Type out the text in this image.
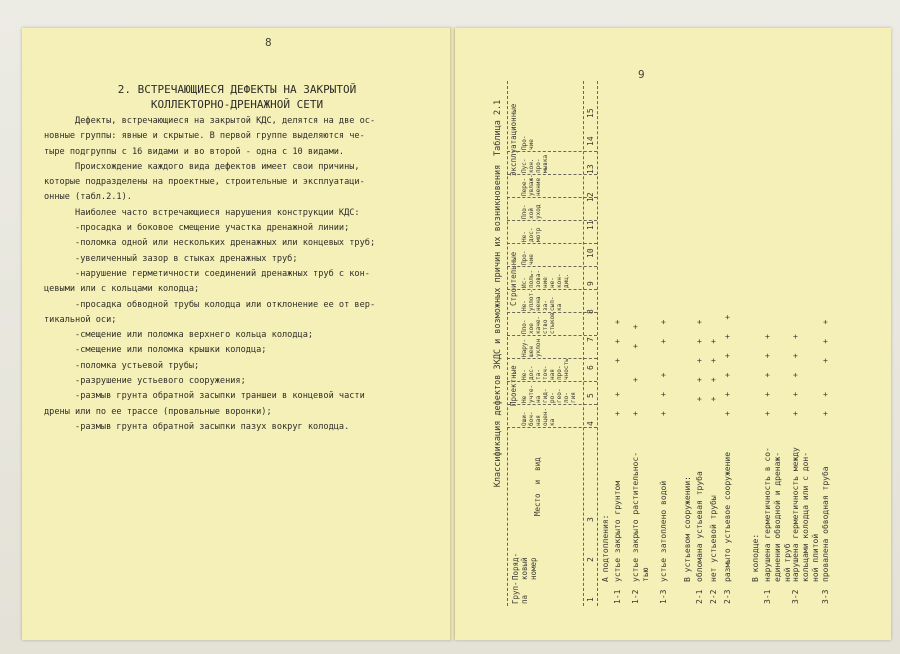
8
2. ВСТРЕЧАЮЩИЕСЯ ДЕФЕКТЫ НА ЗАКРЫТОЙ
КОЛЛЕКТОРНО-ДРЕНАЖНОЙ СЕТИ
Дефекты, встречающиеся на закрытой КДС, делятся на две ос-
новные группы: явные и скрытые. В первой группе выделяются че-
тыре подгруппы с 16 видами и во второй - одна с 10 видами.
Происхождение каждого вида дефектов имеет свои причины,
которые подразделены на проектные, строительные и эксплуатаци-
онные (табл.2.1).
Наиболее часто встречающиеся нарушения конструкции КДС:
-просадка и боковое смещение участка дренажной линии;
-поломка одной или нескольких дренажных или концевых труб;
-увеличенный зазор в стыках дренажных труб;
-нарушение герметичности соединений дренажных труб с кон-
цевыми или с кольцами колодца;
-просадка обводной трубы колодца или отклонение ее от вер-
тикальной оси;
-смещение или поломка верхнего кольца колодца;
-смещение или поломка крышки колодца;
-поломка устьевой трубы;
-разрушение устьевого сооружения;
-размыв грунта обратной засыпки траншеи в концевой части
дрены или по ее трассе (провальные воронки);
-размыв грунта обратной засыпки пазух вокруг колодца.
9
Классификация дефектов ЗКДС и возможных причин их возникновения
Таблица 2.1
Груп-
па
Поряд-
ковый
номер
Место  и  вид
Проектные
Строительные
Эксплуатационные
Оши-
боч-
ная
оцен-
ка
Не
учте-
на
гид-
ро-
гео-
ло-
гия
Не-
дос-
та-
точ-
ная
про-
чность
Нару-
шен
уклон
Пло-
хое
каче-
ство
стыков
Не-
уплот-
нена
за-
сып-
ка
Ис-
поль-
зова-
ние
не-
кон-
диц.
Про-
чие
Не-
дос-
мотр
Пло-
хой
уход
Пере-
увлаж-
нение
Пус-
кон.
про-
мывка
Про-
чие
1
2
3
4
5
6
7
8
9
10
11
12
13
14
15
А подтопления:	В устьевом сооружении:	В колодце:
1-1
устье закрыто грунтом
+   +      +   +   +
1-2
устье закрыто растительнос-
тью
+      +      +   +
1-3
устье затоплено водой
+   +   +      +   +
2-1
обломана устьевая труба
+   +   +   +   +
2-2
нет устьевой трубы
+   +   +   +
2-3
размыто устьевое сооружение
+   +   +   +   +   +
3-1
нарушена герметичность в со-
единении обводной и дренаж-
ной труб
+   +   +   +   +
3-2
нарушена герметичность между
кольцами колодца или с дон-
ной плитой
+   +   +   +   +
3-3
провалена обводная труба
+   +      +   +   +
